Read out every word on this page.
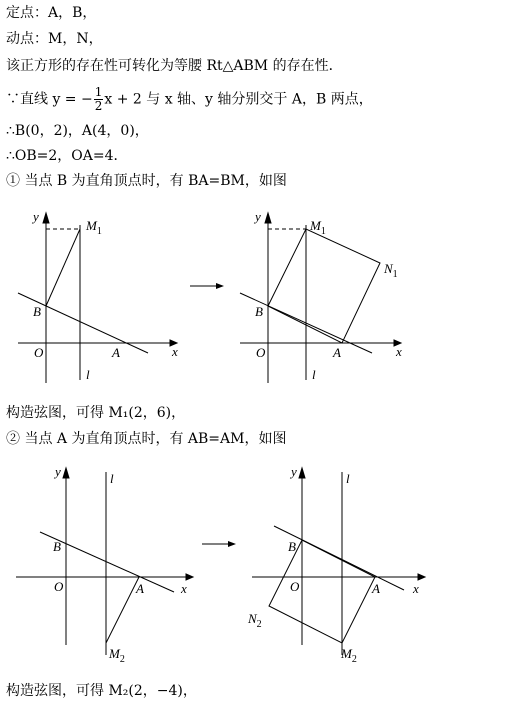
定点：A，B，
动点：M，N，
该正方形的存在性可转化为等腰 Rt△ABM 的存在性．
∵直线 y = − $\frac{1}{2}$ x + 2 与 x 轴、y 轴分别交于 A，B 两点，
∴B(0，2)，A(4，0)，
∴OB=2，OA=4．
① 当点 B 为直角顶点时，有 BA=BM，如图
y
x
O
B
A
$M_1$
l
y
x
O
B
A
$M_1$
$N_1$
l
构造弦图，可得 M₁(2，6)，
② 当点 A 为直角顶点时，有 AB=AM，如图
y
x
O
B
A
$M_2$
l	y
x
O
B
A
$M_2$
$N_2$
l
构造弦图，可得 M₂(2，−4)，
